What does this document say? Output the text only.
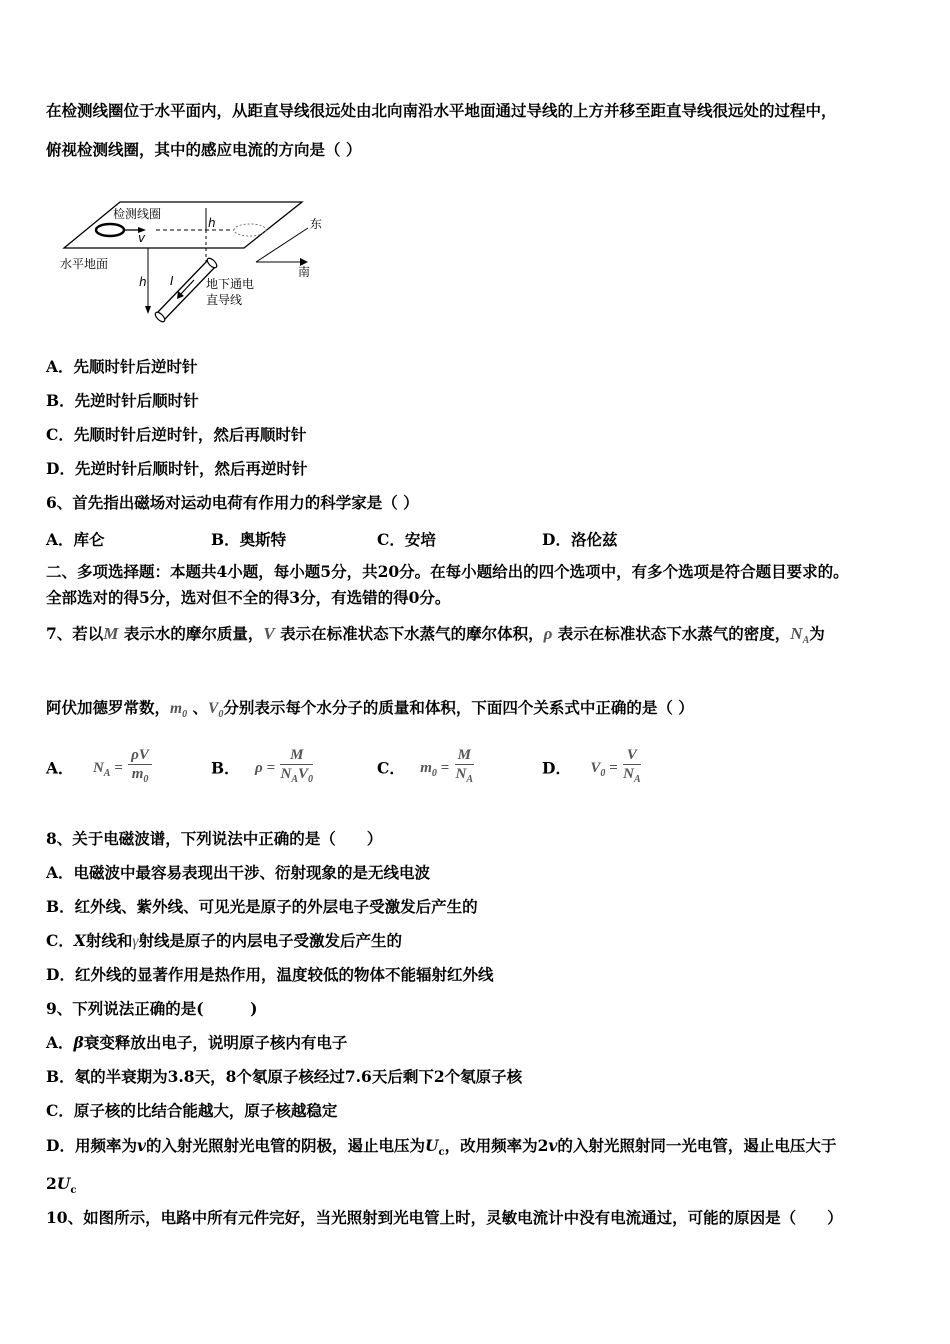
在检测线圈位于水平面内，从距直导线很远处由北向南沿水平地面通过导线的上方并移至距直导线很远处的过程中，
俯视检测线圈，其中的感应电流的方向是（ ）
检测线圈
水平地面
地下通电
直导线
东
南
h
h
v
I
A．先顺时针后逆时针
B．先逆时针后顺时针
C．先顺时针后逆时针，然后再顺时针
D．先逆时针后顺时针，然后再逆时针
6、首先指出磁场对运动电荷有作用力的科学家是（ ）
A．库仑	B．奥斯特	C．安培	D．洛伦兹
二、多项选择题：本题共4小题，每小题5分，共20分。在每小题给出的四个选项中，有多个选项是符合题目要求的。
全部选对的得5分，选对但不全的得3分，有选错的得0分。
7、若以M 表示水的摩尔质量，V 表示在标准状态下水蒸气的摩尔体积，ρ 表示在标准状态下水蒸气的密度，$N_A$为
阿伏加德罗常数，$m_0$ 、$V_0$分别表示每个水分子的质量和体积，下面四个关系式中正确的是（ ）
A． $N_A = \frac{\rho V}{m_0}$	B． $\rho = \frac{M}{N_AV_0}$	C． $m_0 = \frac{M}{N_A}$	D． $V_0 = \frac{V}{N_A}$
8、关于电磁波谱，下列说法中正确的是（　　）
A．电磁波中最容易表现出干涉、衍射现象的是无线电波
B．红外线、紫外线、可见光是原子的外层电子受激发后产生的
C．X射线和γ射线是原子的内层电子受激发后产生的
D．红外线的显著作用是热作用，温度较低的物体不能辐射红外线
9、下列说法正确的是(　　　)
A．β衰变释放出电子，说明原子核内有电子
B．氡的半衰期为3.8天，8个氡原子核经过7.6天后剩下2个氡原子核
C．原子核的比结合能越大，原子核越稳定
D．用频率为v的入射光照射光电管的阴极，遏止电压为$U_c$，改用频率为2v的入射光照射同一光电管，遏止电压大于
$2U_c$
10、如图所示，电路中所有元件完好，当光照射到光电管上时，灵敏电流计中没有电流通过，可能的原因是（　　）
